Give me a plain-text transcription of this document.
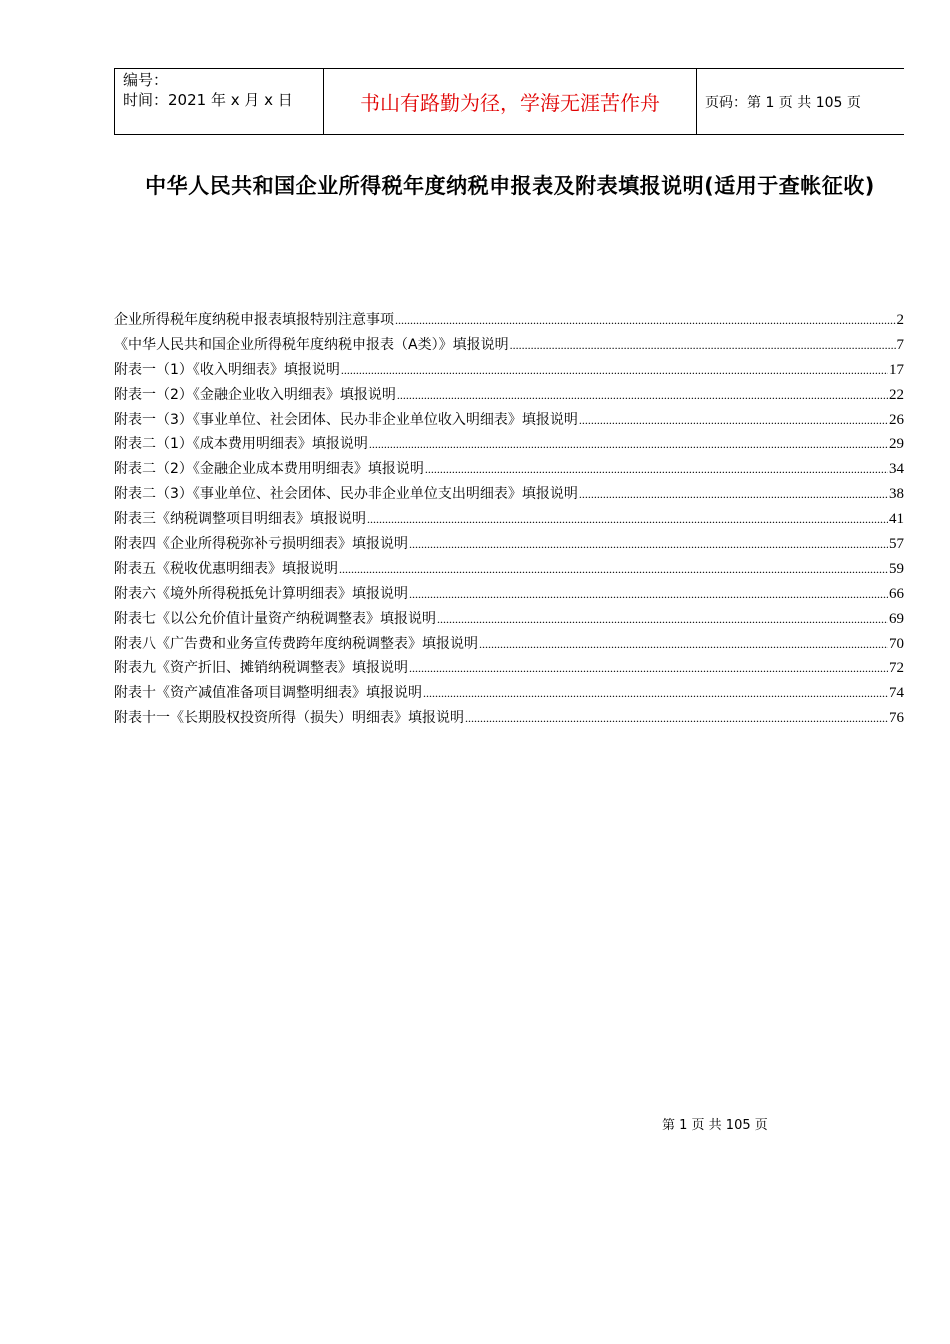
编号：
时间：2021 年 x 月 x 日	书山有路勤为径，学海无涯苦作舟	页码：第 1 页 共 105 页
中华人民共和国企业所得税年度纳税申报表及附表填报说明(适用于查帐征收)
企业所得税年度纳税申报表填报特别注意事项 .....	2
《中华人民共和国企业所得税年度纳税申报表（A类）》填报说明 .....	7
附表一（1）《收入明细表》填报说明 .....	17
附表一（2）《金融企业收入明细表》填报说明 .....	22
附表一（3）《事业单位、社会团体、民办非企业单位收入明细表》填报说明 .....	26
附表二（1）《成本费用明细表》填报说明 .....	29
附表二（2）《金融企业成本费用明细表》填报说明 .....	34
附表二（3）《事业单位、社会团体、民办非企业单位支出明细表》填报说明 .....	38
附表三《纳税调整项目明细表》填报说明 .....	41
附表四《企业所得税弥补亏损明细表》填报说明 .....	57
附表五《税收优惠明细表》填报说明 .....	59
附表六《境外所得税抵免计算明细表》填报说明 .....	66
附表七《以公允价值计量资产纳税调整表》填报说明 .....	69
附表八《广告费和业务宣传费跨年度纳税调整表》填报说明 .....	70
附表九《资产折旧、摊销纳税调整表》填报说明 .....	72
附表十《资产减值准备项目调整明细表》填报说明 .....	74
附表十一《长期股权投资所得（损失）明细表》填报说明 .....	76
第 1 页 共 105 页
